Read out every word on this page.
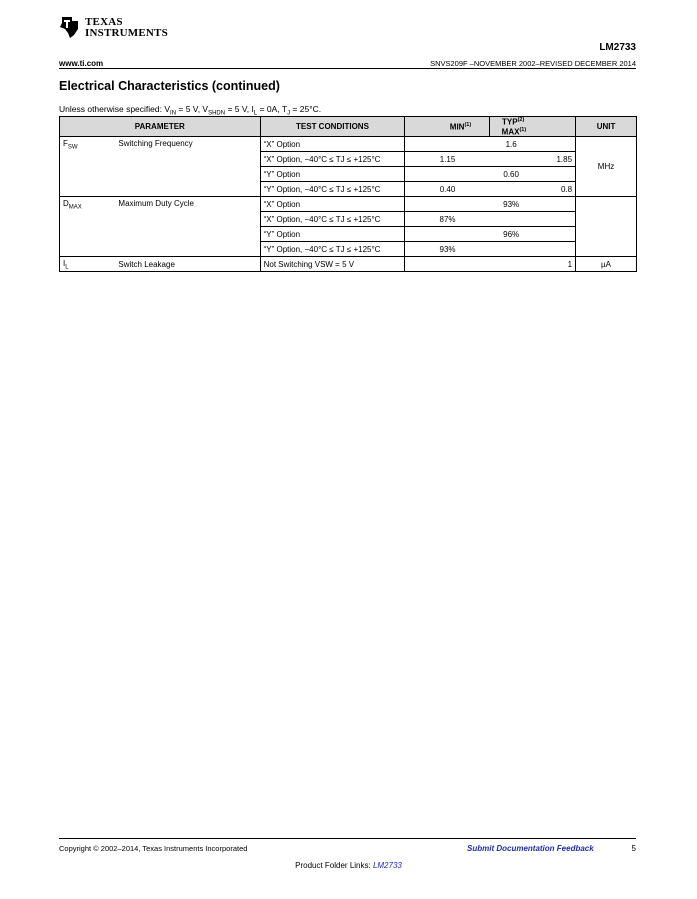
TEXAS
INSTRUMENTS
LM2733
www.ti.com	SNVS209F –NOVEMBER 2002–REVISED DECEMBER 2014
Electrical Characteristics (continued)
Unless otherwise specified: $V_{IN} = 5$ V, $V_{SHDN} = 5$ V, $I_L = 0A$, $T_J = 25^\circ C$.
PARAMETER		TEST CONDITIONS	MIN$^{(1)}$	TYP$^{(2)}$MAX$^{(1)}$		UNIT
$F_{SW}$	Switching Frequency	“X” Option		1.6		MHz
		“X” Option, −40°C ≤ TJ ≤ +125°C	1.15		1.85	
		“Y” Option		0.60		
		“Y” Option, −40°C ≤ TJ ≤ +125°C	0.40		0.8	
$D_{MAX}$	Maximum Duty Cycle	“X” Option		93%		
		“X” Option, −40°C ≤ TJ ≤ +125°C	87%			
		“Y” Option		96%		
		“Y” Option, −40°C ≤ TJ ≤ +125°C	93%			
$I_L$	Switch Leakage	Not Switching VSW = 5 V			1	µA
Copyright © 2002–2014, Texas Instruments Incorporated	Submit Documentation Feedback	5
Product Folder Links: LM2733
